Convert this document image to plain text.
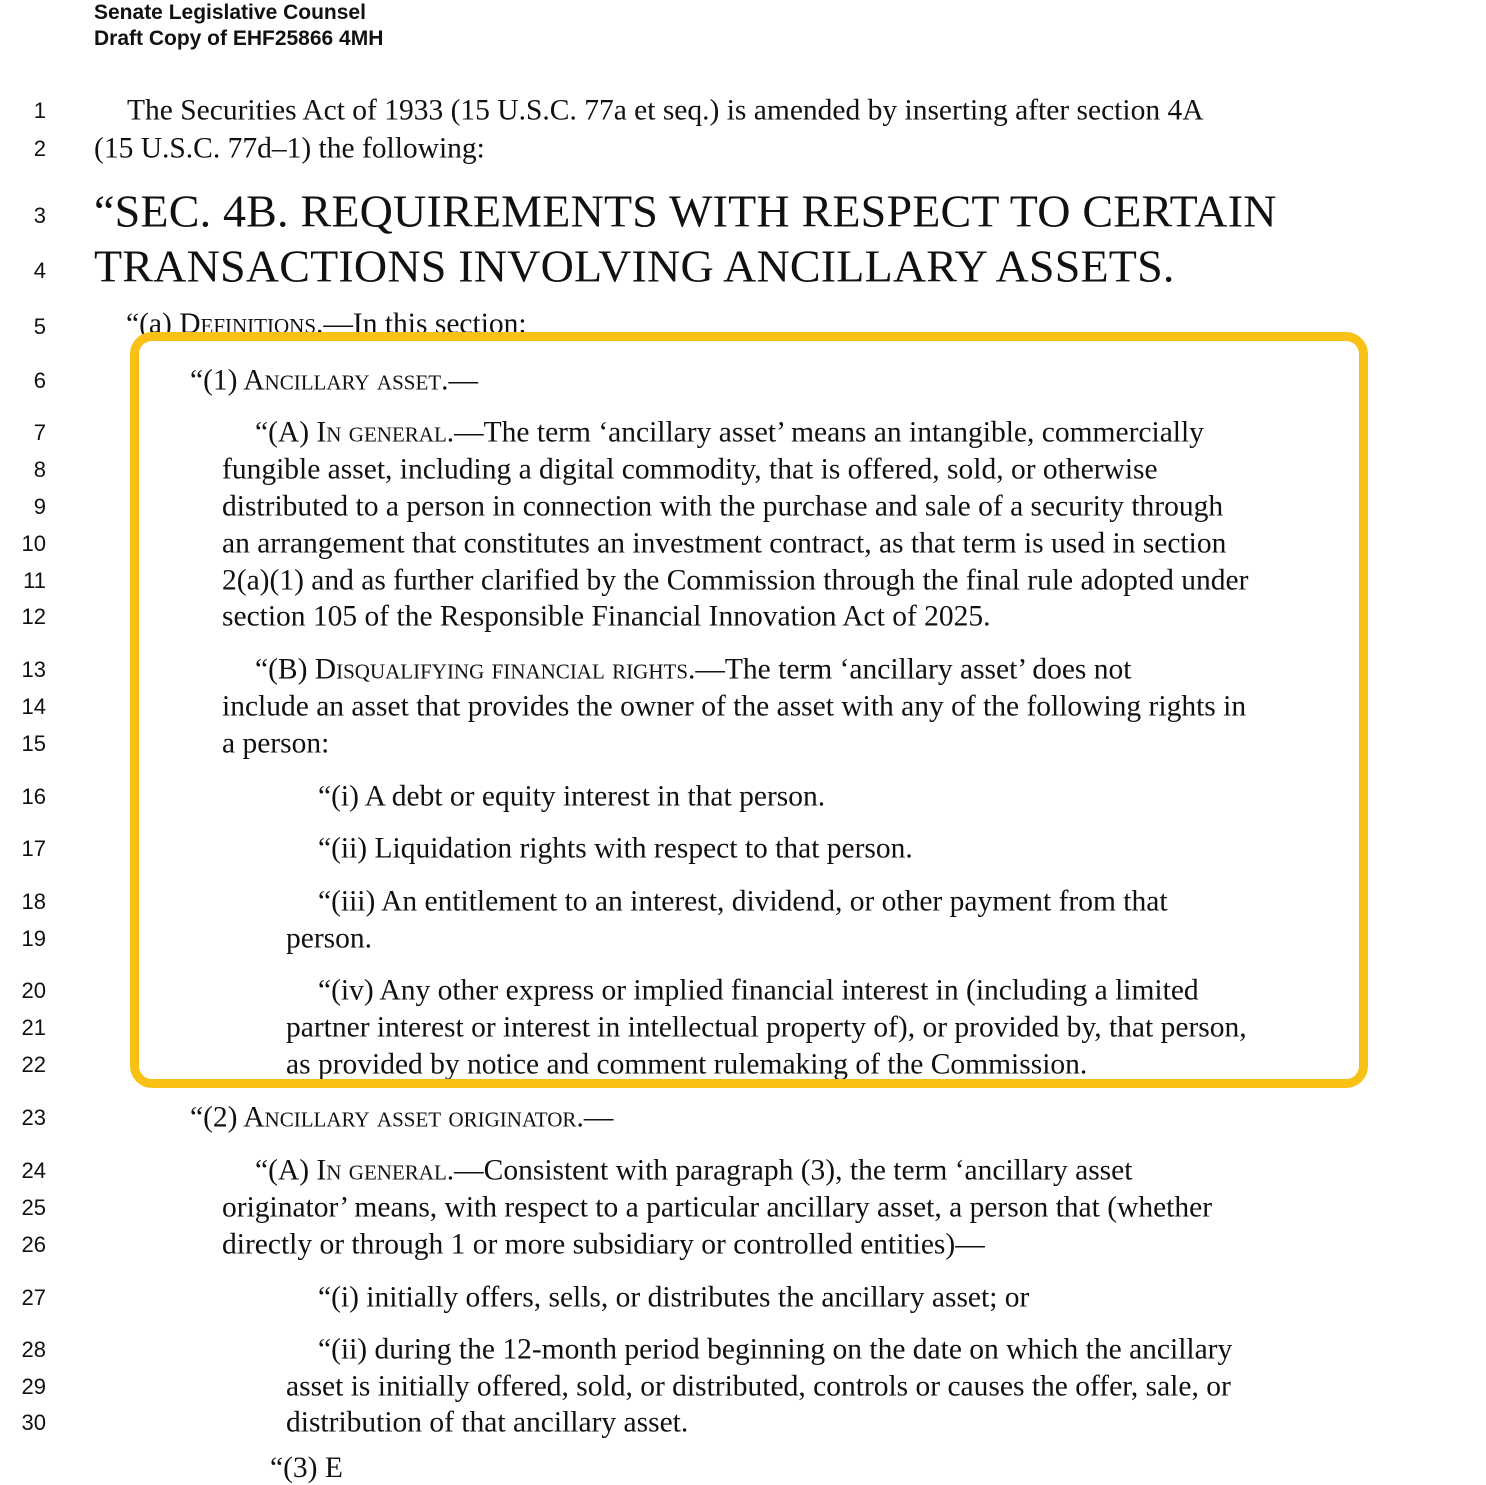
Senate Legislative Counsel
Draft Copy of EHF25866 4MH
1
2
3
4
5
6
7
8
9
10
11
12
13
14
15
16
17
18
19
20
21
22
23
24
25
26
27
28
29
30
The Securities Act of 1933 (15 U.S.C. 77a et seq.) is amended by inserting after section 4A
(15 U.S.C. 77d–1) the following:
“SEC. 4B. REQUIREMENTS WITH RESPECT TO CERTAIN
TRANSACTIONS INVOLVING ANCILLARY ASSETS.
“(a) Definitions.—In this section:
“(1) Ancillary asset.—
“(A) In general.—The term ‘ancillary asset’ means an intangible, commercially
fungible asset, including a digital commodity, that is offered, sold, or otherwise
distributed to a person in connection with the purchase and sale of a security through
an arrangement that constitutes an investment contract, as that term is used in section
2(a)(1) and as further clarified by the Commission through the final rule adopted under
section 105 of the Responsible Financial Innovation Act of 2025.
“(B) Disqualifying financial rights.—The term ‘ancillary asset’ does not
include an asset that provides the owner of the asset with any of the following rights in
a person:
“(i) A debt or equity interest in that person.
“(ii) Liquidation rights with respect to that person.
“(iii) An entitlement to an interest, dividend, or other payment from that
person.
“(iv) Any other express or implied financial interest in (including a limited
partner interest or interest in intellectual property of), or provided by, that person,
as provided by notice and comment rulemaking of the Commission.
“(2) Ancillary asset originator.—
“(A) In general.—Consistent with paragraph (3), the term ‘ancillary asset
originator’ means, with respect to a particular ancillary asset, a person that (whether
directly or through 1 or more subsidiary or controlled entities)—
“(i) initially offers, sells, or distributes the ancillary asset; or
“(ii) during the 12-month period beginning on the date on which the ancillary
asset is initially offered, sold, or distributed, controls or causes the offer, sale, or
distribution of that ancillary asset.
“(3) E
